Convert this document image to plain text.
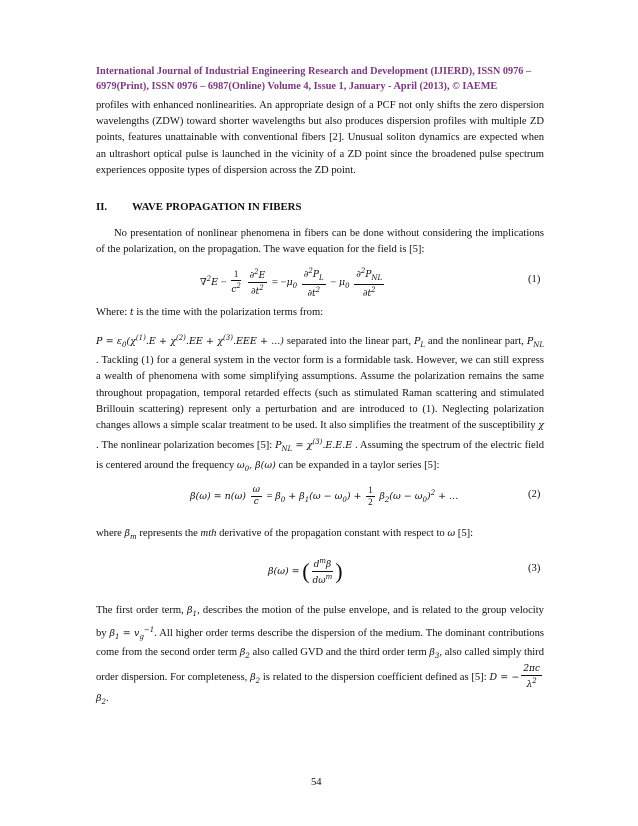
International Journal of Industrial Engineering Research and Development (IJIERD), ISSN 0976 – 6979(Print), ISSN 0976 – 6987(Online) Volume 4, Issue 1, January - April (2013), © IAEME

profiles with enhanced nonlinearities. An appropriate design of a PCF not only shifts the zero dispersion wavelengths (ZDW) toward shorter wavelengths but also produces dispersion profiles with multiple ZD points, features unattainable with conventional fibers [2]. Unusual soliton dynamics are expected when an ultrashort optical pulse is launched in the vicinity of a ZD point since the broadened pulse spectrum experiences opposite types of dispersion across the ZD point.

II. WAVE PROPAGATION IN FIBERS

No presentation of nonlinear phenomena in fibers can be done without considering the implications of the polarization, on the propagation. The wave equation for the field is [5]:

$\nabla^2E - \frac{1}{c^2}$
$\frac{\partial^2E}{\partial t^2} = -\mu_0 \frac{\partial^2P_L}{\partial t^2} - \mu_0 \frac{\partial^2P_{NL}}{\partial t^2}$	(1)
Where: t is the time with the polarization terms from:
$P = \varepsilon_0(\chi^{(1)}.E + \chi^{(2)}.EE + \chi^{(3)}.EEE$ + ...) separated into the linear part, $P_L$ and the nonlinear part, $P_{NL}$ . Tackling (1) for a general system in the vector form is a formidable task. However, we can still express a wealth of phenomena with some simplifying assumptions. Assume the polarization remains the same throughout propagation, temporal retarded effects (such as stimulated Raman scattering and stimulated Brillouin scattering) represent only a perturbation and are introduced to (1). Neglecting polarization changes allows a simple scalar treatment to be used. It also simplifies the treatment of the susceptibility χ . The nonlinear polarization becomes [5]: $P_{NL} = \chi^{(3)}.E.E.E$ . Assuming the spectrum of the electric field is centered around the frequency $\omega_0$, β(ω) can be expanded in a taylor series [5]:
$\beta(\omega) = n(\omega) \frac{\omega}{c} = \beta_0 + \beta_1(\omega - \omega_0) + \frac{1}{2} \beta_2(\omega - \omega_0)^2$ + ...	(2)
where $\beta_m$ represents the mth derivative of the propagation constant with respect to ω [5]:
β(ω) = ( $\frac{d^m\beta}{d\omega^m}$ )	(3)
The first order term, $\beta_1$, describes the motion of the pulse envelope, and is related to the group velocity by $\beta_1 = v_g^{-1}$. All higher order terms describe the dispersion of the medium. The dominant contributions come from the second order term $\beta_2$ also called GVD and the third order term $\beta_3$, also called simply third order dispersion. For completeness, $\beta_2$ is related to the dispersion coefficient defined as [5]: D = − $\frac{2\pi c}{\lambda^2}$
$\beta_2$.
54
